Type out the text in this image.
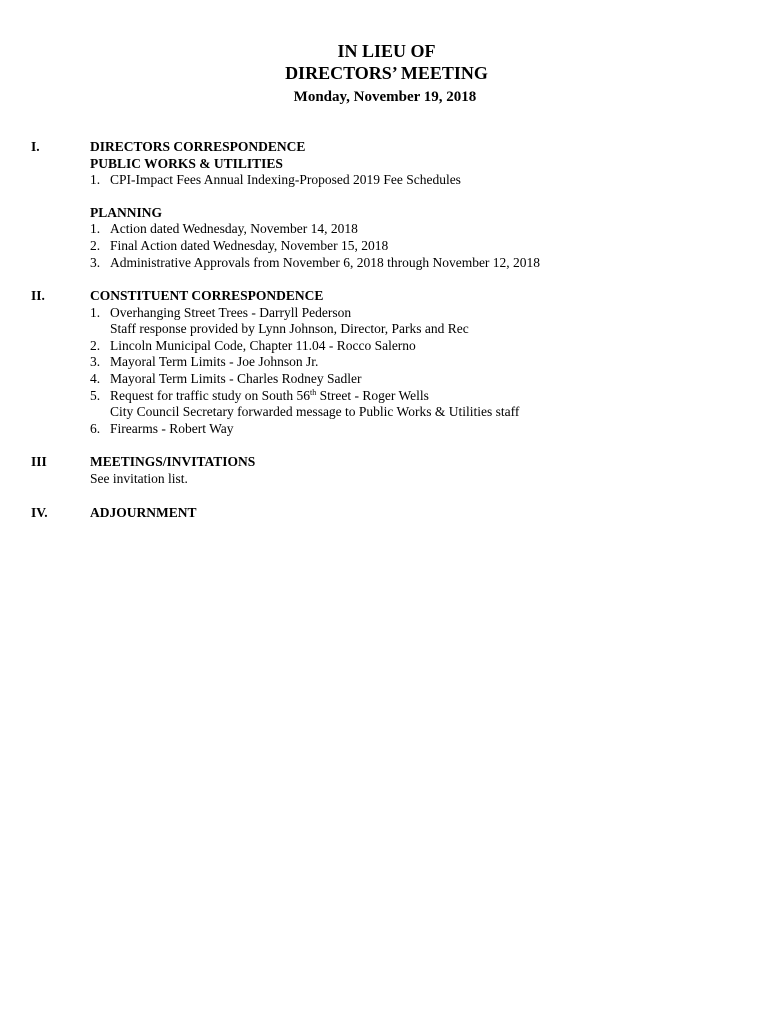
IN LIEU OF
DIRECTORS’ MEETING
Monday, November 19, 2018
I.	DIRECTORS CORRESPONDENCE
PUBLIC WORKS & UTILITIES
1. CPI-Impact Fees Annual Indexing-Proposed 2019 Fee Schedules
PLANNING
1. Action dated Wednesday, November 14, 2018
2. Final Action dated Wednesday, November 15, 2018
3. Administrative Approvals from November 6, 2018 through November 12, 2018
II.	CONSTITUENT CORRESPONDENCE
1. Overhanging Street Trees - Darryll Pederson
Staff response provided by Lynn Johnson, Director, Parks and Rec
2. Lincoln Municipal Code, Chapter 11.04 - Rocco Salerno
3. Mayoral Term Limits - Joe Johnson Jr.
4. Mayoral Term Limits - Charles Rodney Sadler
5. Request for traffic study on South 56th Street - Roger Wells
City Council Secretary forwarded message to Public Works & Utilities staff
6. Firearms - Robert Way
III	MEETINGS/INVITATIONS
See invitation list.
IV.	ADJOURNMENT
